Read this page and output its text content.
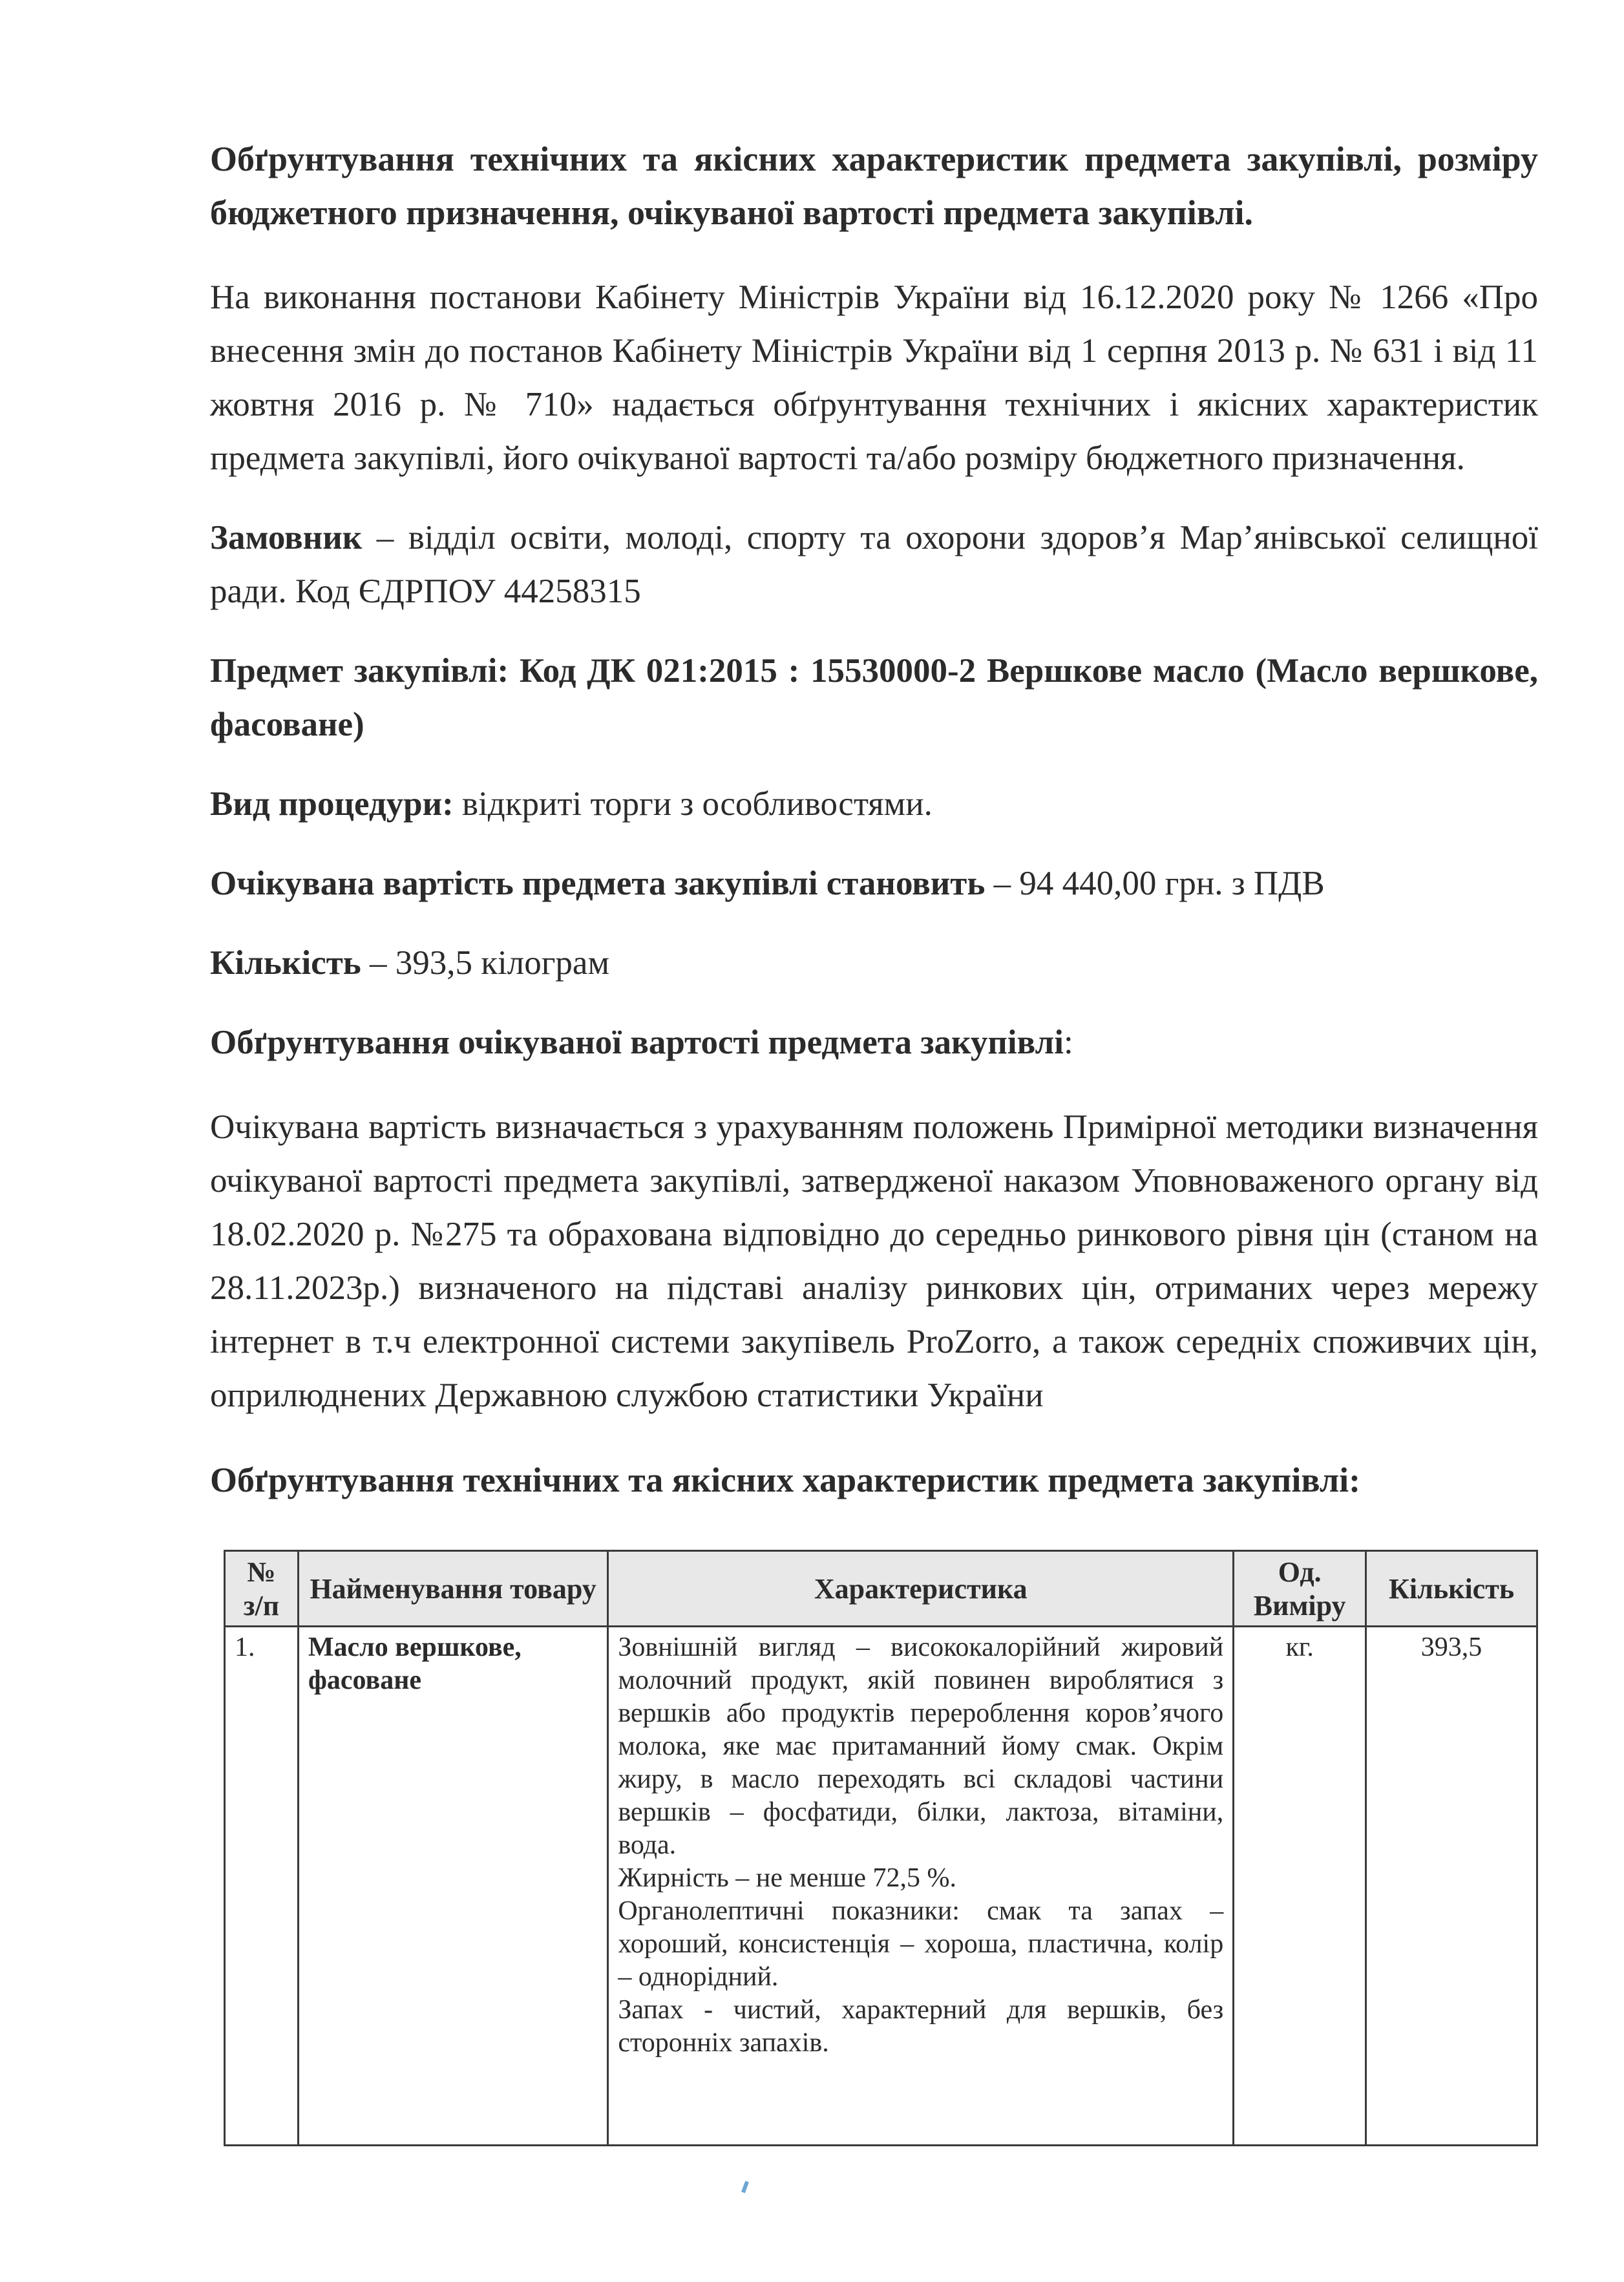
Обґрунтування технічних та якісних характеристик предмета закупівлі, розміру бюджетного призначення, очікуваної вартості предмета закупівлі.

На виконання постанови Кабінету Міністрів України від 16.12.2020 року № 1266 «Про внесення змін до постанов Кабінету Міністрів України від 1 серпня 2013 р. № 631 і від 11 жовтня 2016 р. № 710» надається обґрунтування технічних і якісних характеристик предмета закупівлі, його очікуваної вартості та/або розміру бюджетного призначення.

Замовник – відділ освіти, молоді, спорту та охорони здоров’я Мар’янівської селищної ради. Код ЄДРПОУ 44258315

Предмет закупівлі: Код ДК 021:2015 : 15530000-2 Вершкове масло (Масло вершкове, фасоване)

Вид процедури: відкриті торги з особливостями.

Очікувана вартість предмета закупівлі становить – 94 440,00 грн. з ПДВ

Кількість – 393,5 кілограм

Обґрунтування очікуваної вартості предмета закупівлі:

Очікувана вартість визначається з урахуванням положень Примірної методики визначення очікуваної вартості предмета закупівлі, затвердженої наказом Уповноваженого органу від 18.02.2020 р. №275 та обрахована відповідно до середньо ринкового рівня цін (станом на 28.11.2023р.) визначеного на підставі аналізу ринкових цін, отриманих через мережу інтернет в т.ч електронної системи закупівель ProZorro, а також середніх споживчих цін, оприлюднених Державною службою статистики України

Обґрунтування технічних та якісних характеристик предмета закупівлі:

№ з/п	Найменування товару	Характеристика	Од. Виміру	Кількість
1.	Масло вершкове, фасоване	Зовнішній вигляд – висококалорійний жировий молочний продукт, якій повинен вироблятися з вершків або продуктів перероблення коров’ячого молока, яке має притаманний йому смак. Окрім жиру, в масло переходять всі складові частини вершків – фосфатиди, білки, лактоза, вітаміни, вода.
Жирність – не менше 72,5 %.
Органолептичні показники: смак та запах – хороший, консистенція – хороша, пластична, колір – однорідний.
Запах - чистий, характерний для вершків, без сторонніх запахів.	кг.	393,5
